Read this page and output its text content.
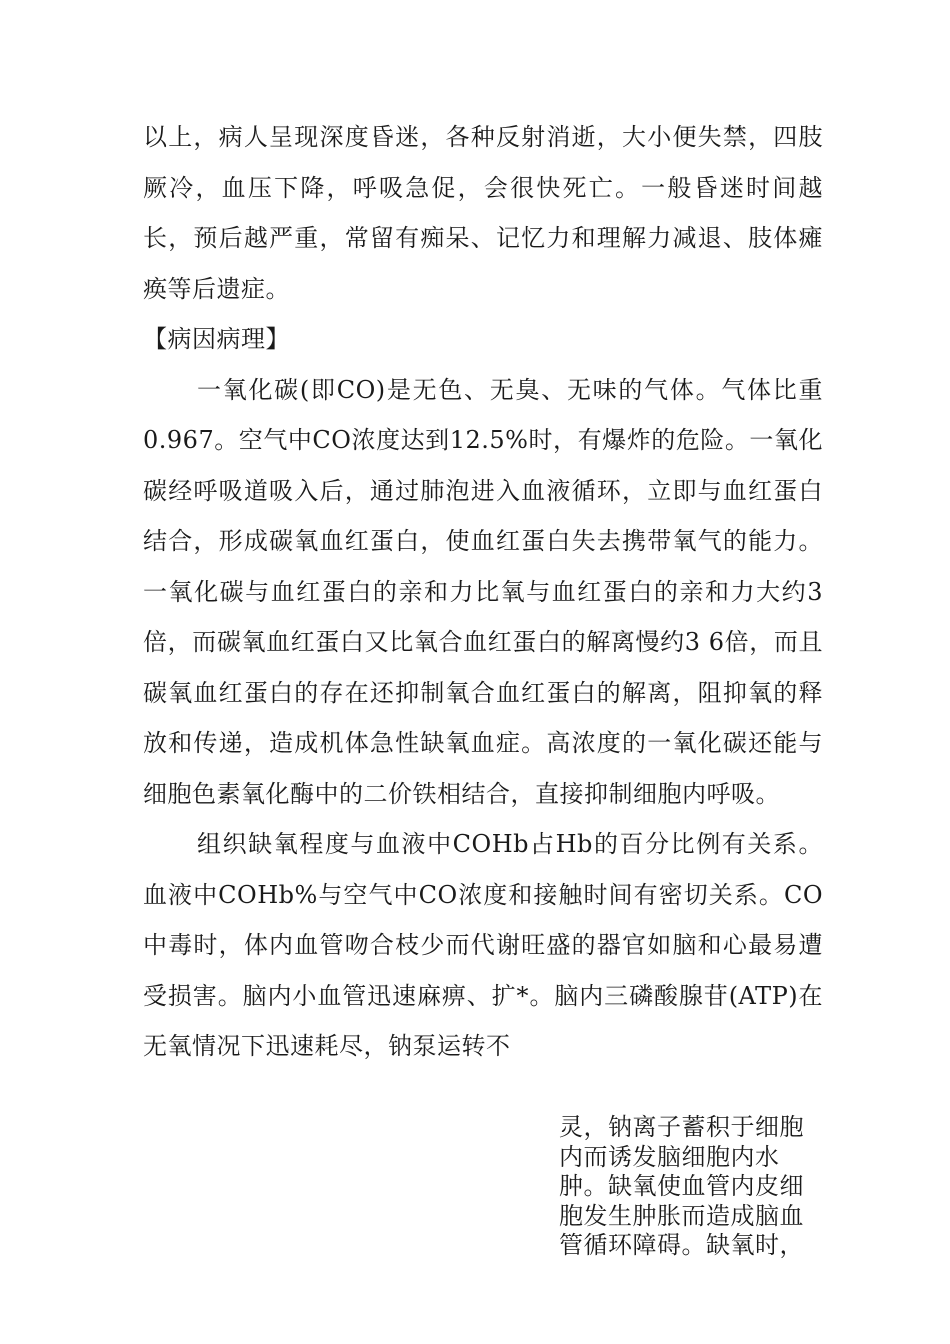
以上，病人呈现深度昏迷，各种反射消逝，大小便失禁，四肢厥冷，血压下降，呼吸急促，会很快死亡。一般昏迷时间越长，预后越严重，常留有痴呆、记忆力和理解力减退、肢体瘫痪等后遗症。

【病因病理】

一氧化碳(即CO)是无色、无臭、无味的气体。气体比重0.967。空气中CO浓度达到12.5%时，有爆炸的危险。一氧化碳经呼吸道吸入后，通过肺泡进入血液循环，立即与血红蛋白结合，形成碳氧血红蛋白，使血红蛋白失去携带氧气的能力。一氧化碳与血红蛋白的亲和力比氧与血红蛋白的亲和力大约3倍，而碳氧血红蛋白又比氧合血红蛋白的解离慢约3 6倍，而且碳氧血红蛋白的存在还抑制氧合血红蛋白的解离，阻抑氧的释放和传递，造成机体急性缺氧血症。高浓度的一氧化碳还能与细胞色素氧化酶中的二价铁相结合，直接抑制细胞内呼吸。

组织缺氧程度与血液中COHb占Hb的百分比例有关系。血液中COHb%与空气中CO浓度和接触时间有密切关系。CO中毒时，体内血管吻合枝少而代谢旺盛的器官如脑和心最易遭受损害。脑内小血管迅速麻痹、扩*。脑内三磷酸腺苷(ATP)在无氧情况下迅速耗尽，钠泵运转不

灵，钠离子蓄积于细胞内而诱发脑细胞内水肿。缺氧使血管内皮细胞发生肿胀而造成脑血管循环障碍。缺氧时，
